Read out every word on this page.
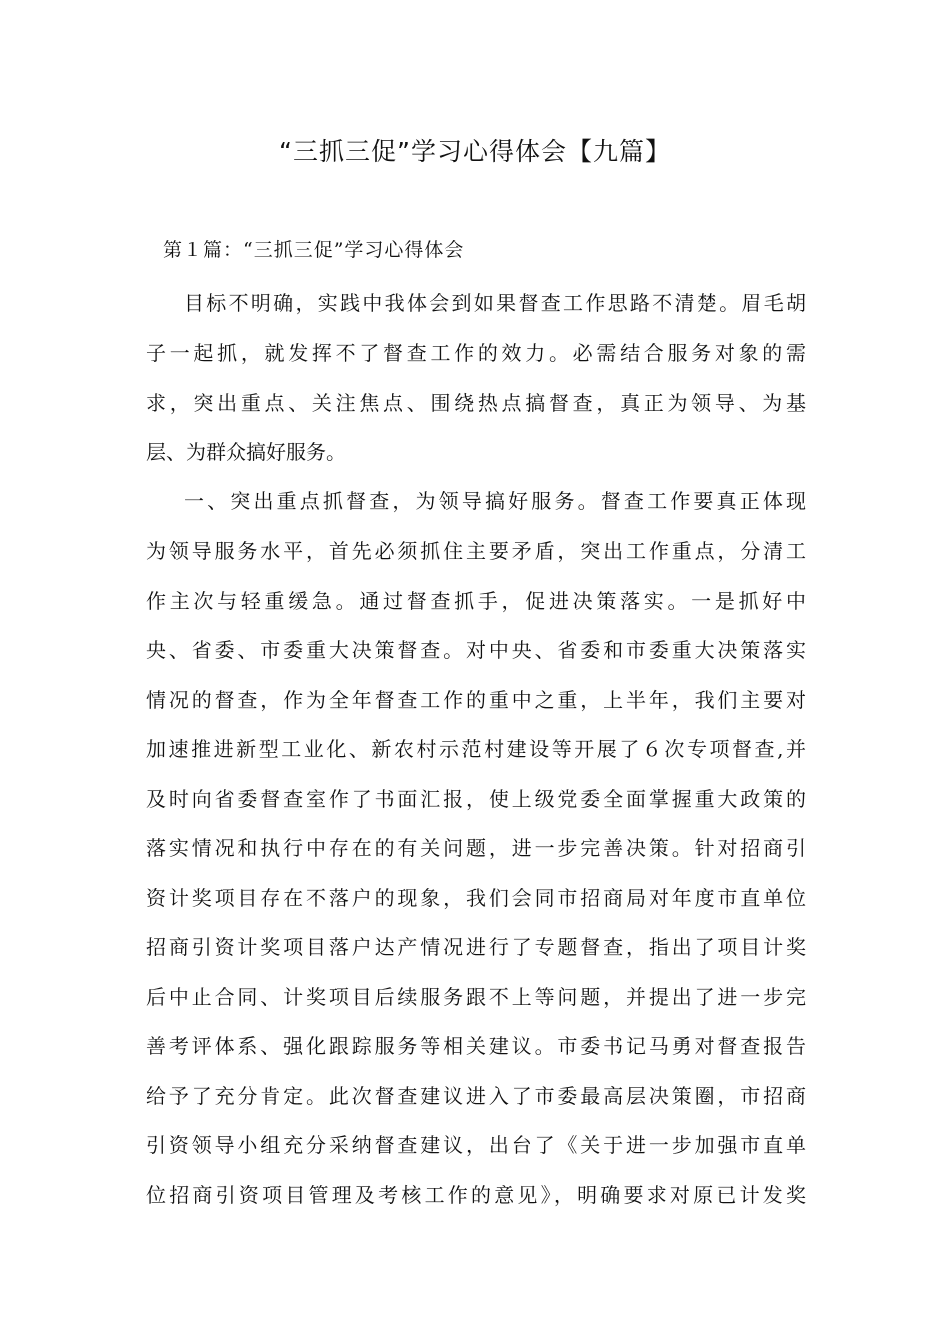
“三抓三促”学习心得体会【九篇】
第１篇：“三抓三促”学习心得体会

目标不明确，实践中我体会到如果督查工作思路不清楚。眉毛胡

子一起抓，就发挥不了督查工作的效力。必需结合服务对象的需

求，突出重点、关注焦点、围绕热点搞督查，真正为领导、为基

层、为群众搞好服务。

一、突出重点抓督查，为领导搞好服务。督查工作要真正体现

为领导服务水平，首先必须抓住主要矛盾，突出工作重点，分清工

作主次与轻重缓急。通过督查抓手，促进决策落实。一是抓好中

央、省委、市委重大决策督查。对中央、省委和市委重大决策落实

情况的督查，作为全年督查工作的重中之重，上半年，我们主要对

加速推进新型工业化、新农村示范村建设等开展了６次专项督查,并

及时向省委督查室作了书面汇报，使上级党委全面掌握重大政策的

落实情况和执行中存在的有关问题，进一步完善决策。针对招商引

资计奖项目存在不落户的现象，我们会同市招商局对年度市直单位

招商引资计奖项目落户达产情况进行了专题督查，指出了项目计奖

后中止合同、计奖项目后续服务跟不上等问题，并提出了进一步完

善考评体系、强化跟踪服务等相关建议。市委书记马勇对督查报告

给予了充分肯定。此次督查建议进入了市委最高层决策圈，市招商

引资领导小组充分采纳督查建议，出台了《关于进一步加强市直单

位招商引资项目管理及考核工作的意见》，明确要求对原已计发奖
